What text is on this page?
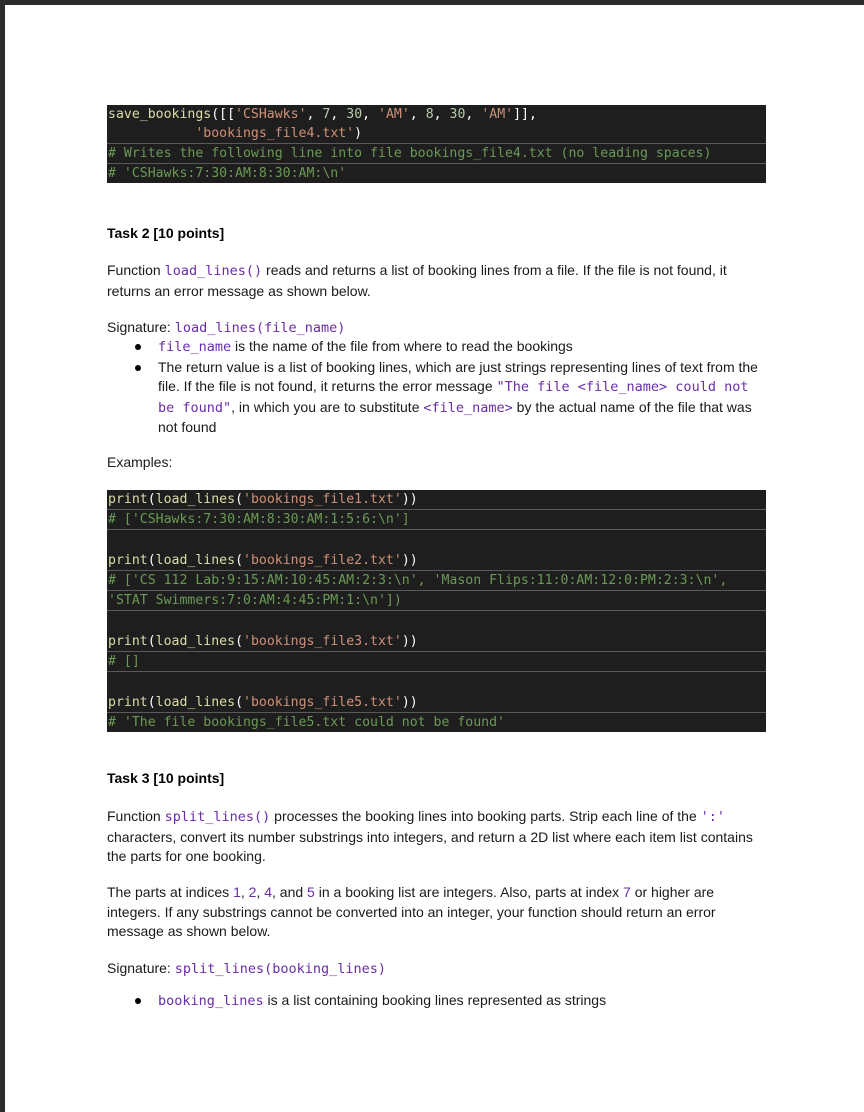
save_bookings([['CSHawks', 7, 30, 'AM', 8, 30, 'AM']],
'bookings_file4.txt')
# Writes the following line into file bookings_file4.txt (no leading spaces)
# 'CSHawks:7:30:AM:8:30:AM:\n'
Task 2 [10 points]
Function load_lines() reads and returns a list of booking lines from a file. If the file is not found, it returns an error message as shown below.
Signature: load_lines(file_name)
file_name is the name of the file from where to read the bookings
The return value is a list of booking lines, which are just strings representing lines of text from the file. If the file is not found, it returns the error message "The file <file_name> could not be found", in which you are to substitute <file_name> by the actual name of the file that was not found
Examples:
print(load_lines('bookings_file1.txt'))
# ['CSHawks:7:30:AM:8:30:AM:1:5:6:\n']
print(load_lines('bookings_file2.txt'))
# ['CS 112 Lab:9:15:AM:10:45:AM:2:3:\n', 'Mason Flips:11:0:AM:12:0:PM:2:3:\n',
'STAT Swimmers:7:0:AM:4:45:PM:1:\n'])
print(load_lines('bookings_file3.txt'))
# []
print(load_lines('bookings_file5.txt'))
# 'The file bookings_file5.txt could not be found'
Task 3 [10 points]
Function split_lines() processes the booking lines into booking parts. Strip each line of the ':' characters, convert its number substrings into integers, and return a 2D list where each item list contains the parts for one booking.
The parts at indices 1, 2, 4, and 5 in a booking list are integers. Also, parts at index 7 or higher are integers. If any substrings cannot be converted into an integer, your function should return an error message as shown below.
Signature: split_lines(booking_lines)
booking_lines is a list containing booking lines represented as strings
